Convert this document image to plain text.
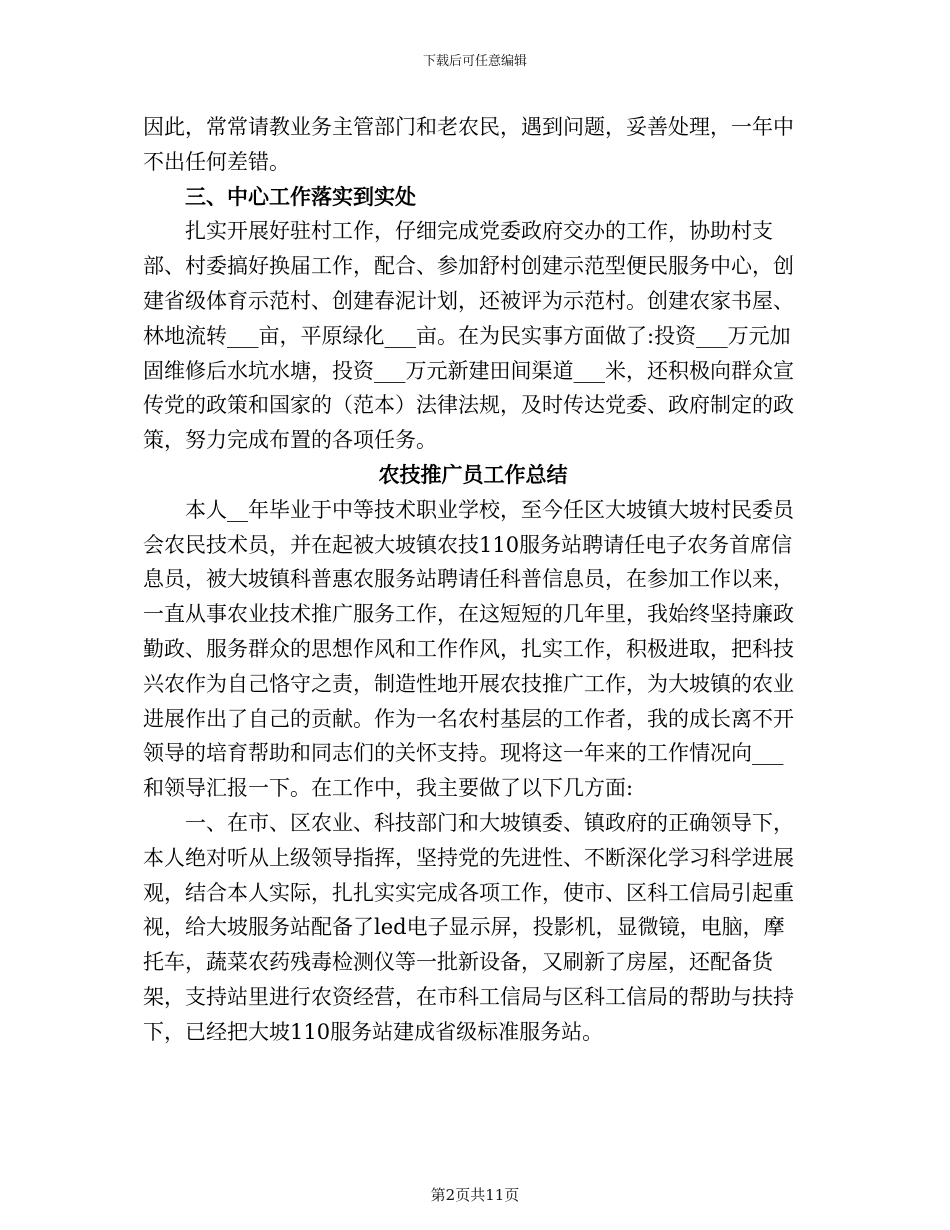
下载后可任意编辑

因此，常常请教业务主管部门和老农民，遇到问题，妥善处理，一年中不出任何差错。

三、中心工作落实到实处

扎实开展好驻村工作，仔细完成党委政府交办的工作，协助村支部、村委搞好换届工作，配合、参加舒村创建示范型便民服务中心，创建省级体育示范村、创建春泥计划，还被评为示范村。创建农家书屋、林地流转___亩，平原绿化___亩。在为民实事方面做了:投资___万元加固维修后水坑水塘，投资___万元新建田间渠道___米，还积极向群众宣传党的政策和国家的（范本）法律法规，及时传达党委、政府制定的政策，努力完成布置的各项任务。

农技推广员工作总结

本人__年毕业于中等技术职业学校，至今任区大坡镇大坡村民委员会农民技术员，并在起被大坡镇农技110服务站聘请任电子农务首席信息员，被大坡镇科普惠农服务站聘请任科普信息员，在参加工作以来，一直从事农业技术推广服务工作，在这短短的几年里，我始终坚持廉政勤政、服务群众的思想作风和工作作风，扎实工作，积极进取，把科技兴农作为自己恪守之责，制造性地开展农技推广工作，为大坡镇的农业进展作出了自己的贡献。作为一名农村基层的工作者，我的成长离不开领导的培育帮助和同志们的关怀支持。现将这一年来的工作情况向___和领导汇报一下。在工作中，我主要做了以下几方面:

一、在市、区农业、科技部门和大坡镇委、镇政府的正确领导下，本人绝对听从上级领导指挥，坚持党的先进性、不断深化学习科学进展观，结合本人实际，扎扎实实完成各项工作，使市、区科工信局引起重视，给大坡服务站配备了led电子显示屏，投影机，显微镜，电脑，摩托车，蔬菜农药残毒检测仪等一批新设备，又刷新了房屋，还配备货架，支持站里进行农资经营，在市科工信局与区科工信局的帮助与扶持下，已经把大坡110服务站建成省级标准服务站。

第2页共11页
